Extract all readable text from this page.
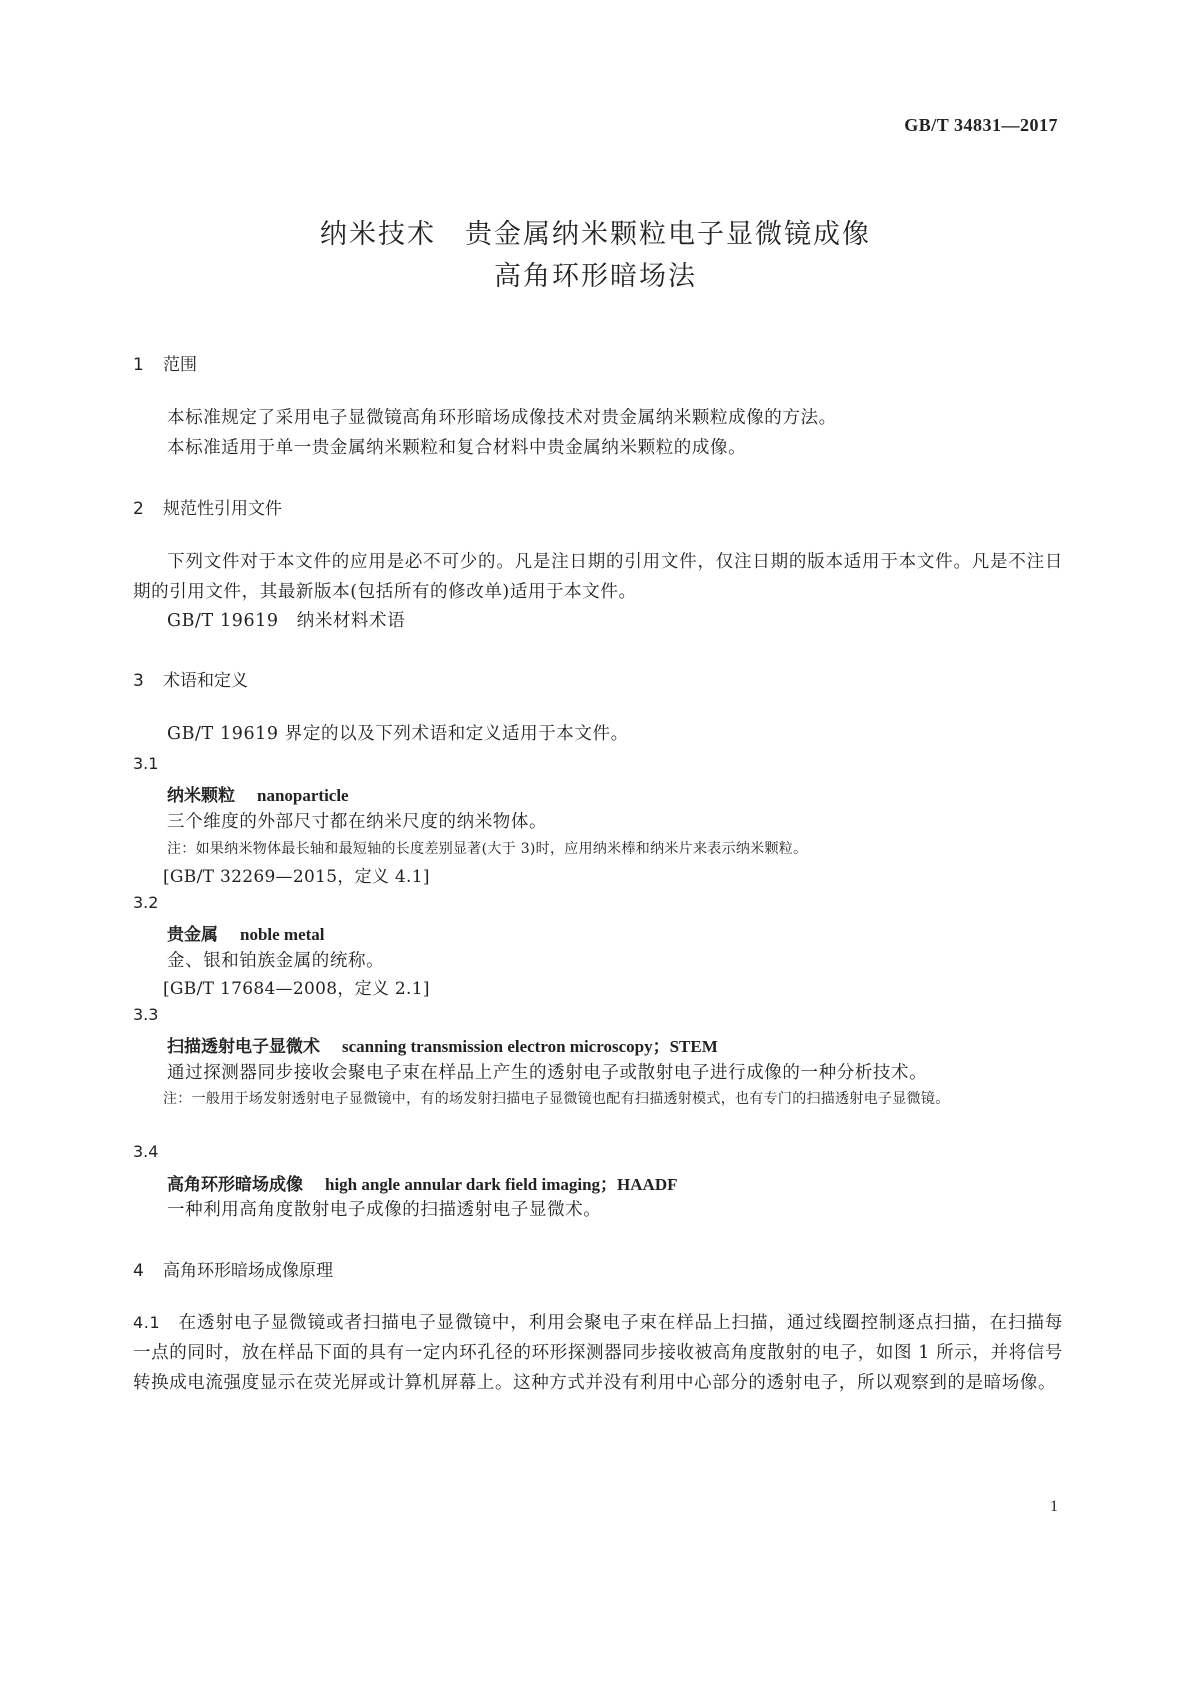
GB/T 34831—2017
纳米技术　贵金属纳米颗粒电子显微镜成像
高角环形暗场法
1 范围
本标准规定了采用电子显微镜高角环形暗场成像技术对贵金属纳米颗粒成像的方法。
本标准适用于单一贵金属纳米颗粒和复合材料中贵金属纳米颗粒的成像。
2 规范性引用文件
下列文件对于本文件的应用是必不可少的。凡是注日期的引用文件，仅注日期的版本适用于本文件。凡是不注日期的引用文件，其最新版本(包括所有的修改单)适用于本文件。
GB/T 19619　纳米材料术语
3 术语和定义
GB/T 19619 界定的以及下列术语和定义适用于本文件。
3.1
纳米颗粒 nanoparticle
三个维度的外部尺寸都在纳米尺度的纳米物体。
注：如果纳米物体最长轴和最短轴的长度差别显著(大于 3)时，应用纳米棒和纳米片来表示纳米颗粒。
[GB/T 32269—2015，定义 4.1]
3.2
贵金属 noble metal
金、银和铂族金属的统称。
[GB/T 17684—2008，定义 2.1]
3.3
扫描透射电子显微术 scanning transmission electron microscopy；STEM
通过探测器同步接收会聚电子束在样品上产生的透射电子或散射电子进行成像的一种分析技术。
注：一般用于场发射透射电子显微镜中，有的场发射扫描电子显微镜也配有扫描透射模式，也有专门的扫描透射电子显微镜。
3.4
高角环形暗场成像 high angle annular dark field imaging；HAADF
一种利用高角度散射电子成像的扫描透射电子显微术。
4 高角环形暗场成像原理
4.1 在透射电子显微镜或者扫描电子显微镜中，利用会聚电子束在样品上扫描，通过线圈控制逐点扫描，在扫描每一点的同时，放在样品下面的具有一定内环孔径的环形探测器同步接收被高角度散射的电子，如图 1 所示，并将信号转换成电流强度显示在荧光屏或计算机屏幕上。这种方式并没有利用中心部分的透射电子，所以观察到的是暗场像。
1
